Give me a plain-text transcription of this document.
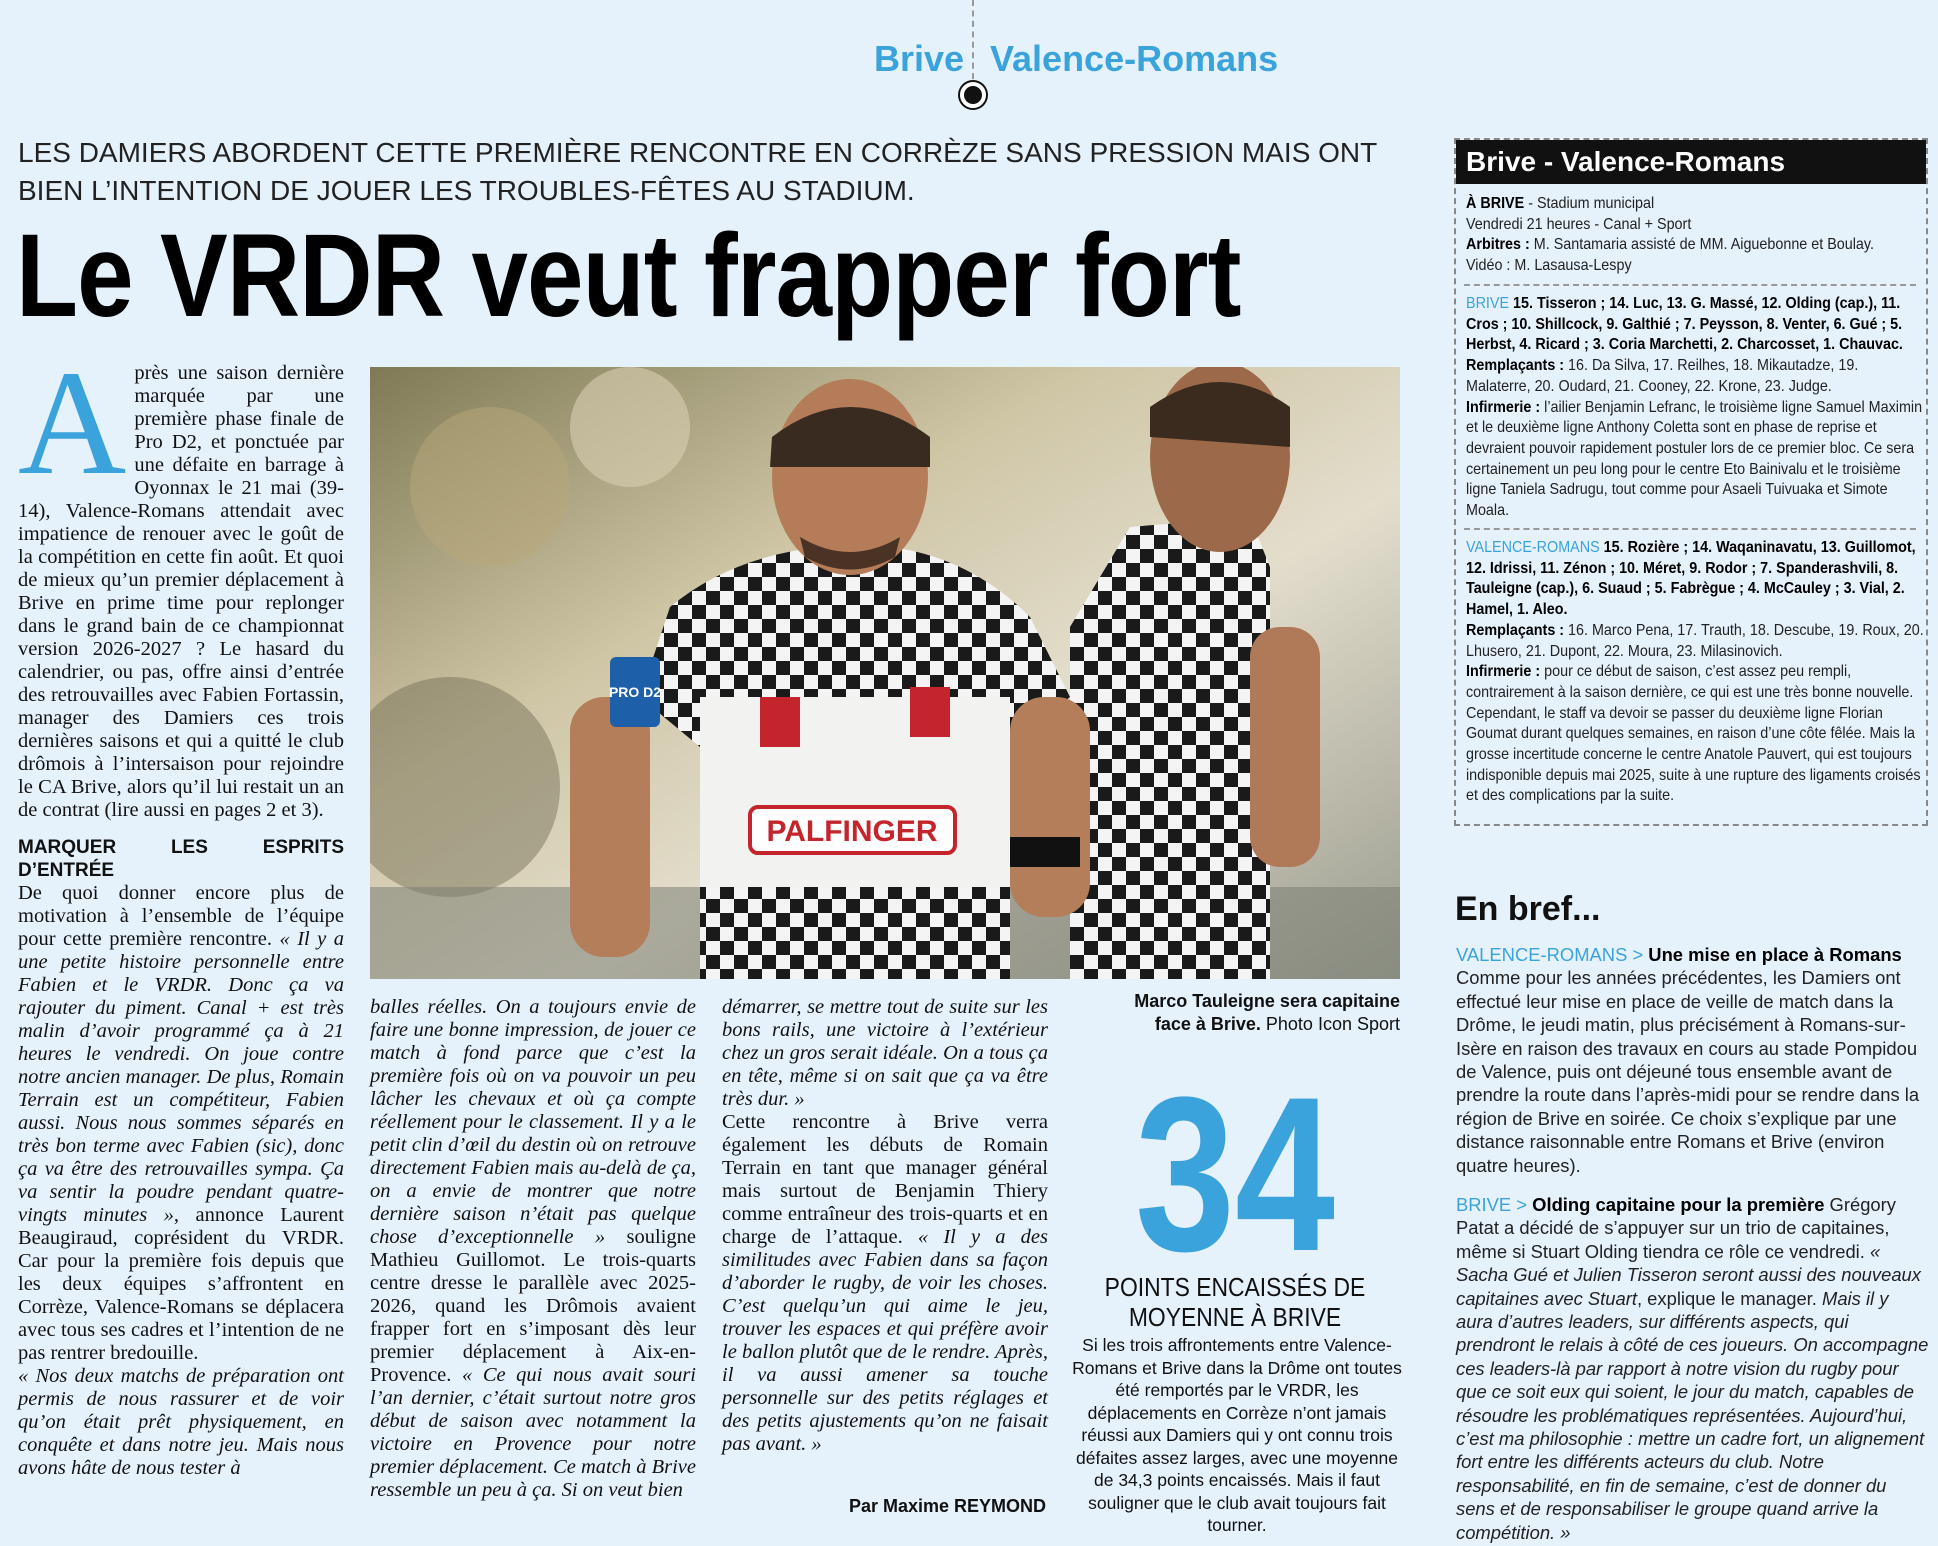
Brive Valence-Romans
LES DAMIERS ABORDENT CETTE PREMIÈRE RENCONTRE EN CORRÈZE SANS PRESSION MAIS ONT BIEN L’INTENTION DE JOUER LES TROUBLES-FÊTES AU STADIUM.
Le VRDR veut frapper fort
A près une saison dernière marquée par une première phase finale de Pro D2, et ponctuée par une défaite en barrage à Oyonnax le 21 mai (39-14), Valence-Romans attendait avec impatience de renouer avec le goût de la compétition en cette fin août. Et quoi de mieux qu’un premier déplacement à Brive en prime time pour replonger dans le grand bain de ce championnat version 2026-2027 ? Le hasard du calendrier, ou pas, offre ainsi d’entrée des retrouvailles avec Fabien Fortassin, manager des Damiers ces trois dernières saisons et qui a quitté le club drômois à l’intersaison pour rejoindre le CA Brive, alors qu’il lui restait un an de contrat (lire aussi en pages 2 et 3).
MARQUER LES ESPRITS D’ENTRÉE
De quoi donner encore plus de motivation à l’ensemble de l’équipe pour cette première rencontre. « Il y a une petite histoire personnelle entre Fabien et le VRDR. Donc ça va rajouter du piment. Canal + est très malin d’avoir programmé ça à 21 heures le vendredi. On joue contre notre ancien manager. De plus, Romain Terrain est un compétiteur, Fabien aussi. Nous nous sommes séparés en très bon terme avec Fabien (sic), donc ça va être des retrouvailles sympa. Ça va sentir la poudre pendant quatre-vingts minutes », annonce Laurent Beaugiraud, coprésident du VRDR. Car pour la première fois depuis que les deux équipes s’affrontent en Corrèze, Valence-Romans se déplacera avec tous ses cadres et l’intention de ne pas rentrer bredouille.
« Nos deux matchs de préparation ont permis de nous rassurer et de voir qu’on était prêt physiquement, en conquête et dans notre jeu. Mais nous avons hâte de nous tester à
PALFINGER
PRO D2
Marco Tauleigne sera capitaine face à Brive. Photo Icon Sport
balles réelles. On a toujours envie de faire une bonne impression, de jouer ce match à fond parce que c’est la première fois où on va pouvoir un peu lâcher les chevaux et où ça compte réellement pour le classement. Il y a le petit clin d’œil du destin où on retrouve directement Fabien mais au-delà de ça, on a envie de montrer que notre dernière saison n’était pas quelque chose d’exceptionnelle » souligne Mathieu Guillomot. Le trois-quarts centre dresse le parallèle avec 2025-2026, quand les Drômois avaient frapper fort en s’imposant dès leur premier déplacement à Aix-en-Provence. « Ce qui nous avait souri l’an dernier, c’était surtout notre gros début de saison avec notamment la victoire en Provence pour notre premier déplacement. Ce match à Brive ressemble un peu à ça. Si on veut bien
démarrer, se mettre tout de suite sur les bons rails, une victoire à l’extérieur chez un gros serait idéale. On a tous ça en tête, même si on sait que ça va être très dur. »
Cette rencontre à Brive verra également les débuts de Romain Terrain en tant que manager général mais surtout de Benjamin Thiery comme entraîneur des trois-quarts et en charge de l’attaque. « Il y a des similitudes avec Fabien dans sa façon d’aborder le rugby, de voir les choses. C’est quelqu’un qui aime le jeu, trouver les espaces et qui préfère avoir le ballon plutôt que de le rendre. Après, il va aussi amener sa touche personnelle sur des petits réglages et des petits ajustements qu’on ne faisait pas avant. »
Par Maxime REYMOND
34
POINTS ENCAISSÉS DE MOYENNE À BRIVE
Si les trois affrontements entre Valence-Romans et Brive dans la Drôme ont toutes été remportés par le VRDR, les déplacements en Corrèze n’ont jamais réussi aux Damiers qui y ont connu trois défaites assez larges, avec une moyenne de 34,3 points encaissés. Mais il faut souligner que le club avait toujours fait tourner.
Brive - Valence-Romans
À BRIVE - Stadium municipal
Vendredi 21 heures - Canal + Sport
Arbitres : M. Santamaria assisté de MM. Aiguebonne et Boulay.
Vidéo : M. Lasausa-Lespy
BRIVE 15. Tisseron ; 14. Luc, 13. G. Massé, 12. Olding (cap.), 11. Cros ; 10. Shillcock, 9. Galthié ; 7. Peysson, 8. Venter, 6. Gué ; 5. Herbst, 4. Ricard ; 3. Coria Marchetti, 2. Charcosset, 1. Chauvac.
Remplaçants : 16. Da Silva, 17. Reilhes, 18. Mikautadze, 19. Malaterre, 20. Oudard, 21. Cooney, 22. Krone, 23. Judge.
Infirmerie : l’ailier Benjamin Lefranc, le troisième ligne Samuel Maximin et le deuxième ligne Anthony Coletta sont en phase de reprise et devraient pouvoir rapidement postuler lors de ce premier bloc. Ce sera certainement un peu long pour le centre Eto Bainivalu et le troisième ligne Taniela Sadrugu, tout comme pour Asaeli Tuivuaka et Simote Moala.
VALENCE-ROMANS 15. Rozière ; 14. Waqaninavatu, 13. Guillomot, 12. Idrissi, 11. Zénon ; 10. Méret, 9. Rodor ; 7. Spanderashvili, 8. Tauleigne (cap.), 6. Suaud ; 5. Fabrègue ; 4. McCauley ; 3. Vial, 2. Hamel, 1. Aleo.
Remplaçants : 16. Marco Pena, 17. Trauth, 18. Descube, 19. Roux, 20. Lhusero, 21. Dupont, 22. Moura, 23. Milasinovich.
Infirmerie : pour ce début de saison, c’est assez peu rempli, contrairement à la saison dernière, ce qui est une très bonne nouvelle. Cependant, le staff va devoir se passer du deuxième ligne Florian Goumat durant quelques semaines, en raison d’une côte fêlée. Mais la grosse incertitude concerne le centre Anatole Pauvert, qui est toujours indisponible depuis mai 2025, suite à une rupture des ligaments croisés et des complications par la suite.
En bref...
VALENCE-ROMANS > Une mise en place à Romans
Comme pour les années précédentes, les Damiers ont effectué leur mise en place de veille de match dans la Drôme, le jeudi matin, plus précisément à Romans-sur-Isère en raison des travaux en cours au stade Pompidou de Valence, puis ont déjeuné tous ensemble avant de prendre la route dans l’après-midi pour se rendre dans la région de Brive en soirée. Ce choix s’explique par une distance raisonnable entre Romans et Brive (environ quatre heures).
BRIVE > Olding capitaine pour la première Grégory Patat a décidé de s’appuyer sur un trio de capitaines, même si Stuart Olding tiendra ce rôle ce vendredi. « Sacha Gué et Julien Tisseron seront aussi des nouveaux capitaines avec Stuart, explique le manager. Mais il y aura d’autres leaders, sur différents aspects, qui prendront le relais à côté de ces joueurs. On accompagne ces leaders-là par rapport à notre vision du rugby pour que ce soit eux qui soient, le jour du match, capables de résoudre les problématiques représentées. Aujourd’hui, c’est ma philosophie : mettre un cadre fort, un alignement fort entre les différents acteurs du club. Notre responsabilité, en fin de semaine, c’est de donner du sens et de responsabiliser le groupe quand arrive la compétition. »
